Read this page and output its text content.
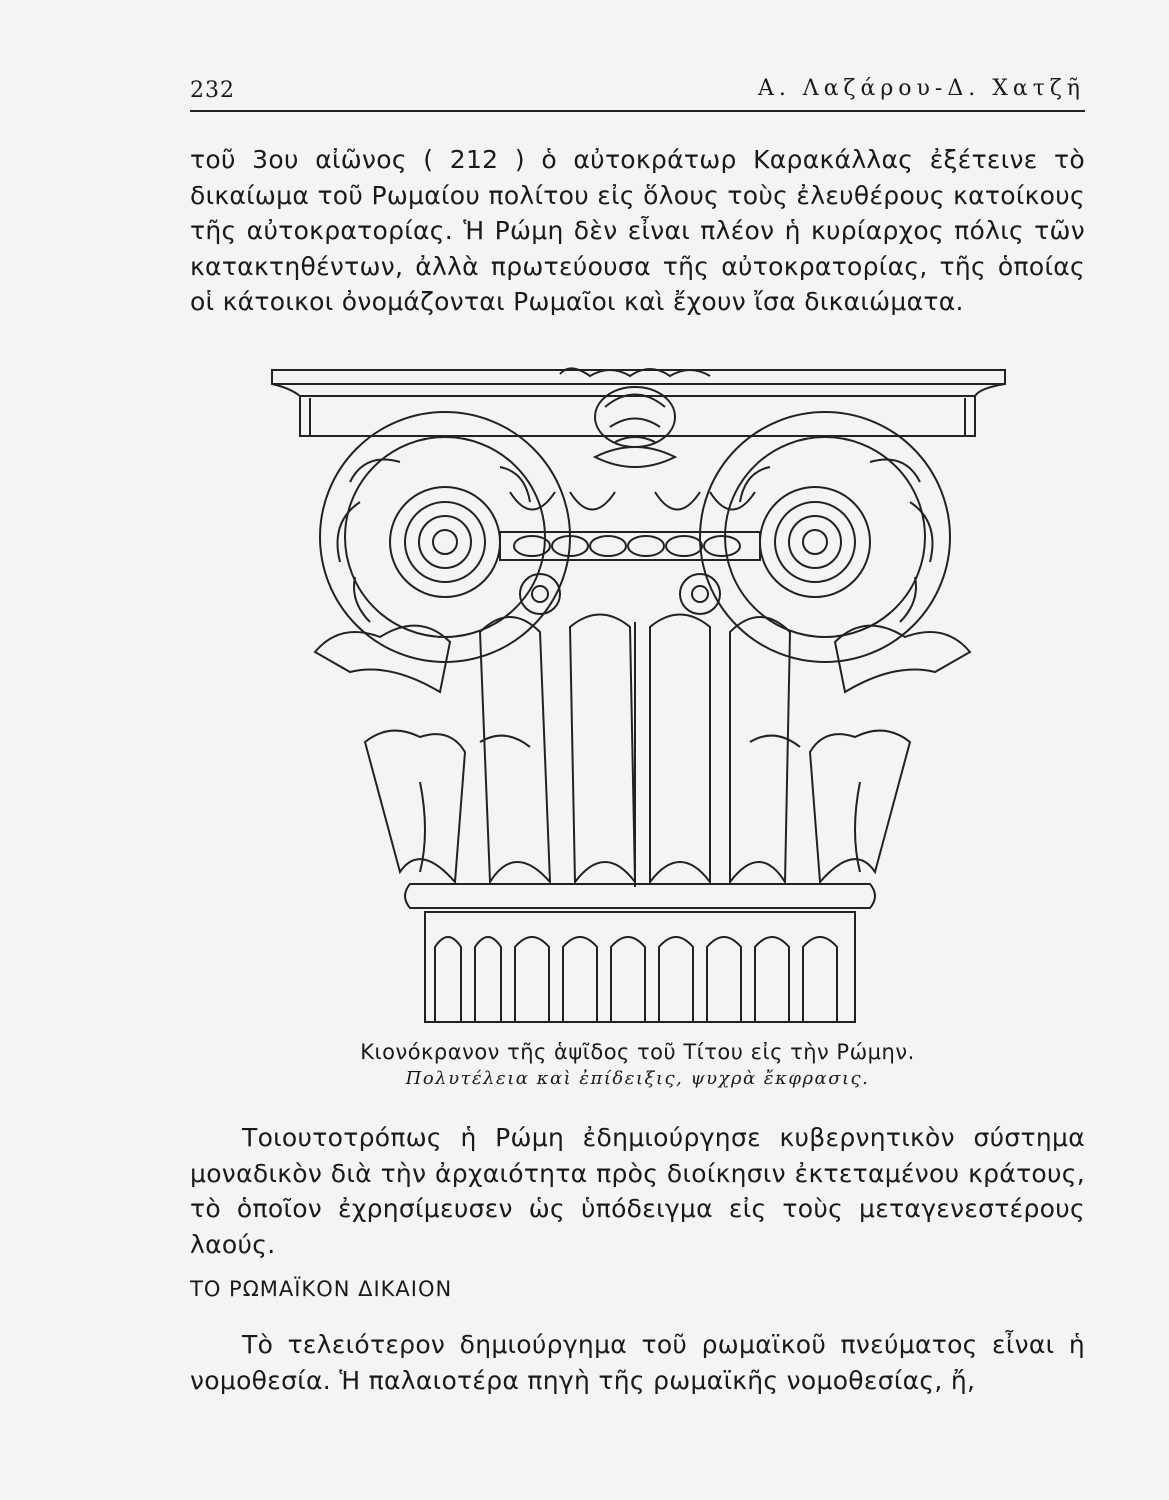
232	Α. Λαζάρου-Δ. Χατζῆ

τοῦ 3ου αἰῶνος ( 212 ) ὁ αὐτοκράτωρ Καρακάλλας ἐξέτεινε τὸ δικαίωμα τοῦ Ρωμαίου πολίτου εἰς ὅλους τοὺς ἐλευθέρους κατοίκους τῆς αὐτοκρατορίας. Ἡ Ρώμη δὲν εἶναι πλέον ἡ κυρίαρχος πόλις τῶν κατακτηθέντων, ἀλλὰ πρωτεύουσα τῆς αὐτοκρατορίας, τῆς ὁποίας οἱ κάτοικοι ὀνομάζονται Ρωμαῖοι καὶ ἔχουν ἴσα δικαιώματα.

Κιονόκρανον τῆς ἁψῖδος τοῦ Τίτου εἰς τὴν Ρώμην.
Πολυτέλεια καὶ ἐπίδειξις, ψυχρὰ ἔκφρασις.

Τοιουτοτρόπως ἡ Ρώμη ἐδημιούργησε κυβερνητικὸν σύστημα μοναδικὸν διὰ τὴν ἀρχαιότητα πρὸς διοίκησιν ἐκτεταμένου κράτους, τὸ ὁποῖον ἐχρησίμευσεν ὡς ὑπόδειγμα εἰς τοὺς μεταγενεστέρους λαούς.

ΤΟ ΡΩΜΑΪΚΟΝ ΔΙΚΑΙΟΝ

Τὸ τελειότερον δημιούργημα τοῦ ρωμαϊκοῦ πνεύματος εἶναι ἡ νομοθεσία. Ἡ παλαιοτέρα πηγὴ τῆς ρωμαϊκῆς νομοθεσίας, ἤ,
